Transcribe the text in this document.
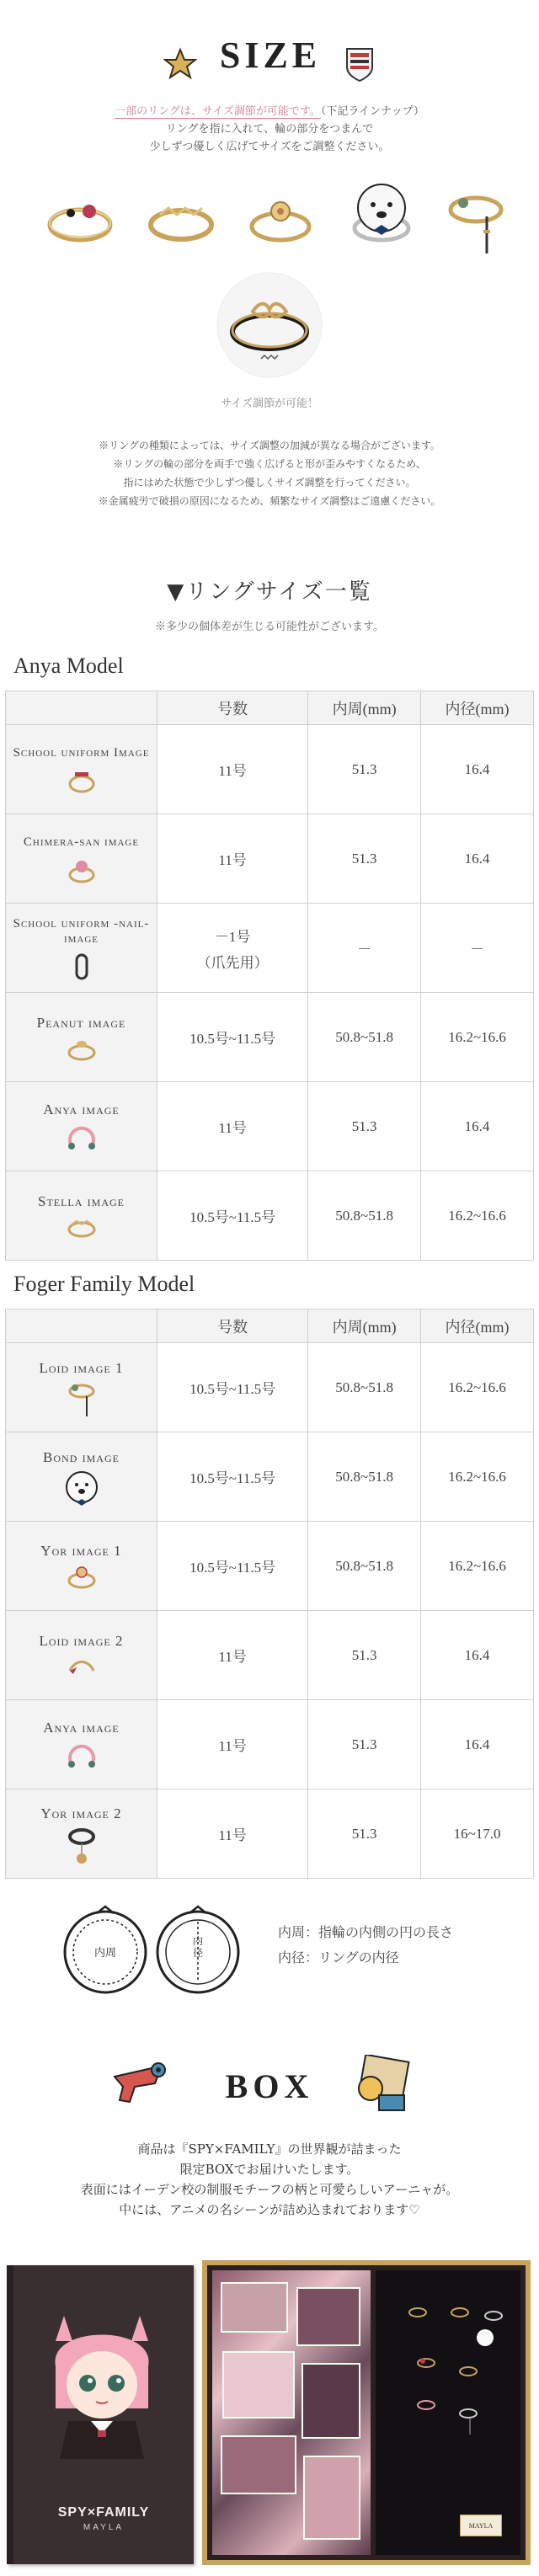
SIZE
一部のリングは、サイズ調節が可能です。（下記ラインナップ）
リングを指に入れて、輪の部分をつまんで
少しずつ優しく広げてサイズをご調整ください。
サイズ調節が可能！
※リングの種類によっては、サイズ調整の加減が異なる場合がございます。
※リングの輪の部分を両手で強く広げると形が歪みやすくなるため、
指にはめた状態で少しずつ優しくサイズ調整を行ってください。
※金属疲労で破損の原因になるため、頻繁なサイズ調整はご遠慮ください。
▼リングサイズ一覧
※多少の個体差が生じる可能性がございます。
Anya Model
	号数	内周(mm)	内径(mm)

School uniform Image	11号	51.3	16.4

Chimera-san image	11号	51.3	16.4

School uniform -nail- image	－1号
（爪先用）	－	－

Peanut image	10.5号~11.5号	50.8~51.8	16.2~16.6

Anya image	11号	51.3	16.4

Stella image	10.5号~11.5号	50.8~51.8	16.2~16.6
Foger Family Model
	号数	内周(mm)	内径(mm)

Loid image 1	10.5号~11.5号	50.8~51.8	16.2~16.6

Bond image	10.5号~11.5号	50.8~51.8	16.2~16.6

Yor image 1	10.5号~11.5号	50.8~51.8	16.2~16.6

Loid image 2	11号	51.3	16.4

Anya image	11号	51.3	16.4

Yor image 2	11号	51.3	16~17.0
内周
内径
内周：指輪の内側の円の長さ
内径：リングの内径
BOX
商品は『SPY×FAMILY』の世界観が詰まった
限定BOXでお届けいたします。
表面にはイーデン校の制服モチーフの柄と可愛らしいアーニャが。
中には、アニメの名シーンが詰め込まれております♡
SPY×FAMILY
MAYLA	MAYLA
